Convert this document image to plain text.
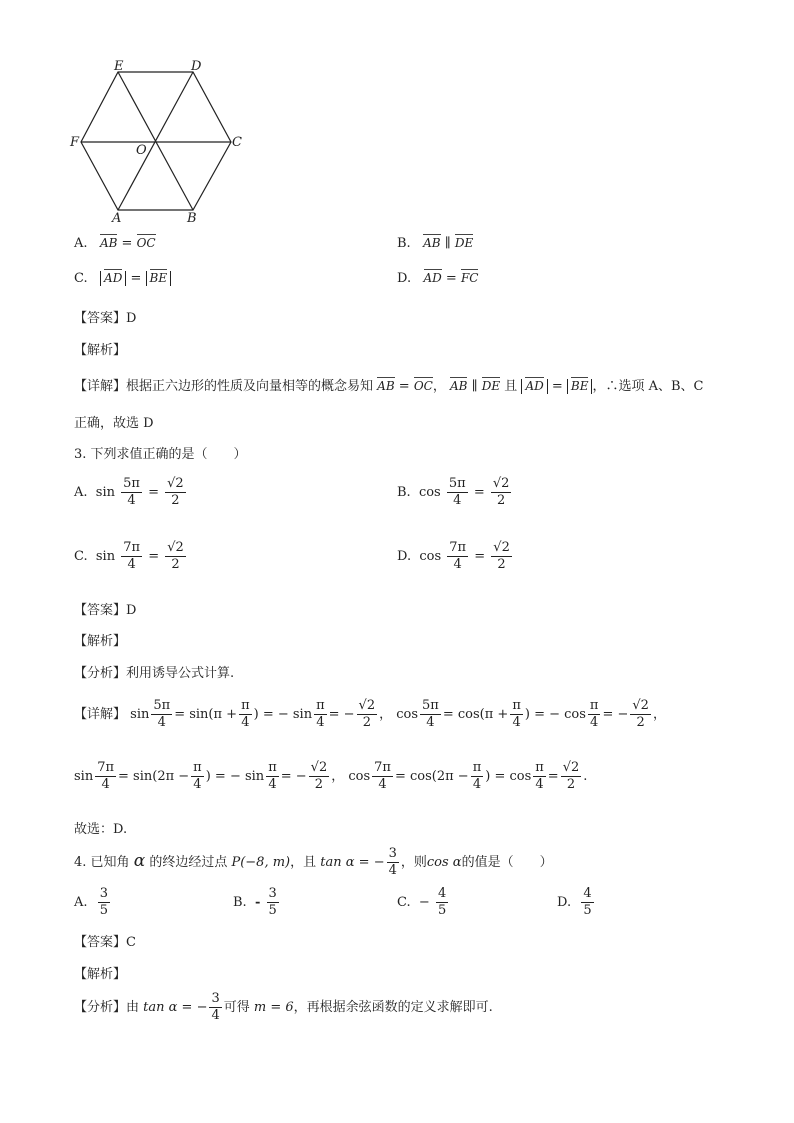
E	D
F
O
C
A	B
A. AB = OC	B. AB ∥ DE
C. AD = BE	D. AD = FC
【答案】D
【解析】
【详解】根据正六边形的性质及向量相等的概念易知 AB = OC， AB ∥ DE 且 AD = BE ，∴选项 A、B、C
正确，故选 D
3. 下列求值正确的是（　　）
A. $\sin \frac{5\pi}{4} = \frac{√2}{2}$	B. $\cos \frac{5\pi}{4} = \frac{√2}{2}$
C. $\sin \frac{7\pi}{4} = \frac{√2}{2}$	D. $\cos \frac{7\pi}{4} = \frac{√2}{2}$
【答案】D
【解析】
【分析】利用诱导公式计算.
【详解】 $\sin \frac{5\pi}{4} = \sin(\pi + \frac{\pi}{4}$ ) = − $\sin \frac{\pi}{4}$ = − $\frac{√2}{2}$ ， $\cos \frac{5\pi}{4} = \cos(\pi + \frac{\pi}{4}$ ) = − $\cos \frac{\pi}{4}$ = − $\frac{√2}{2}$ ，
$\sin \frac{7\pi}{4} = \sin(2\pi - \frac{\pi}{4}$ ) = − $\sin \frac{\pi}{4}$ = − $\frac{√2}{2}$ ， $\cos \frac{7\pi}{4} = \cos(2\pi - \frac{\pi}{4}$ ) = $\cos \frac{\pi}{4} = \frac{√2}{2}$ .
故选：D.
4. 已知角 α 的终边经过点 P(−8, m)，且 tan α = − $\frac{3}{4}$ ，则cos α的值是（　　）
A. $\frac{3}{5}$	B. - $\frac{3}{5}$	C. − $\frac{4}{5}$	D. $\frac{4}{5}$
【答案】C
【解析】
【分析】由 tan α = − $\frac{3}{4}$ 可得 m = 6，再根据余弦函数的定义求解即可.
